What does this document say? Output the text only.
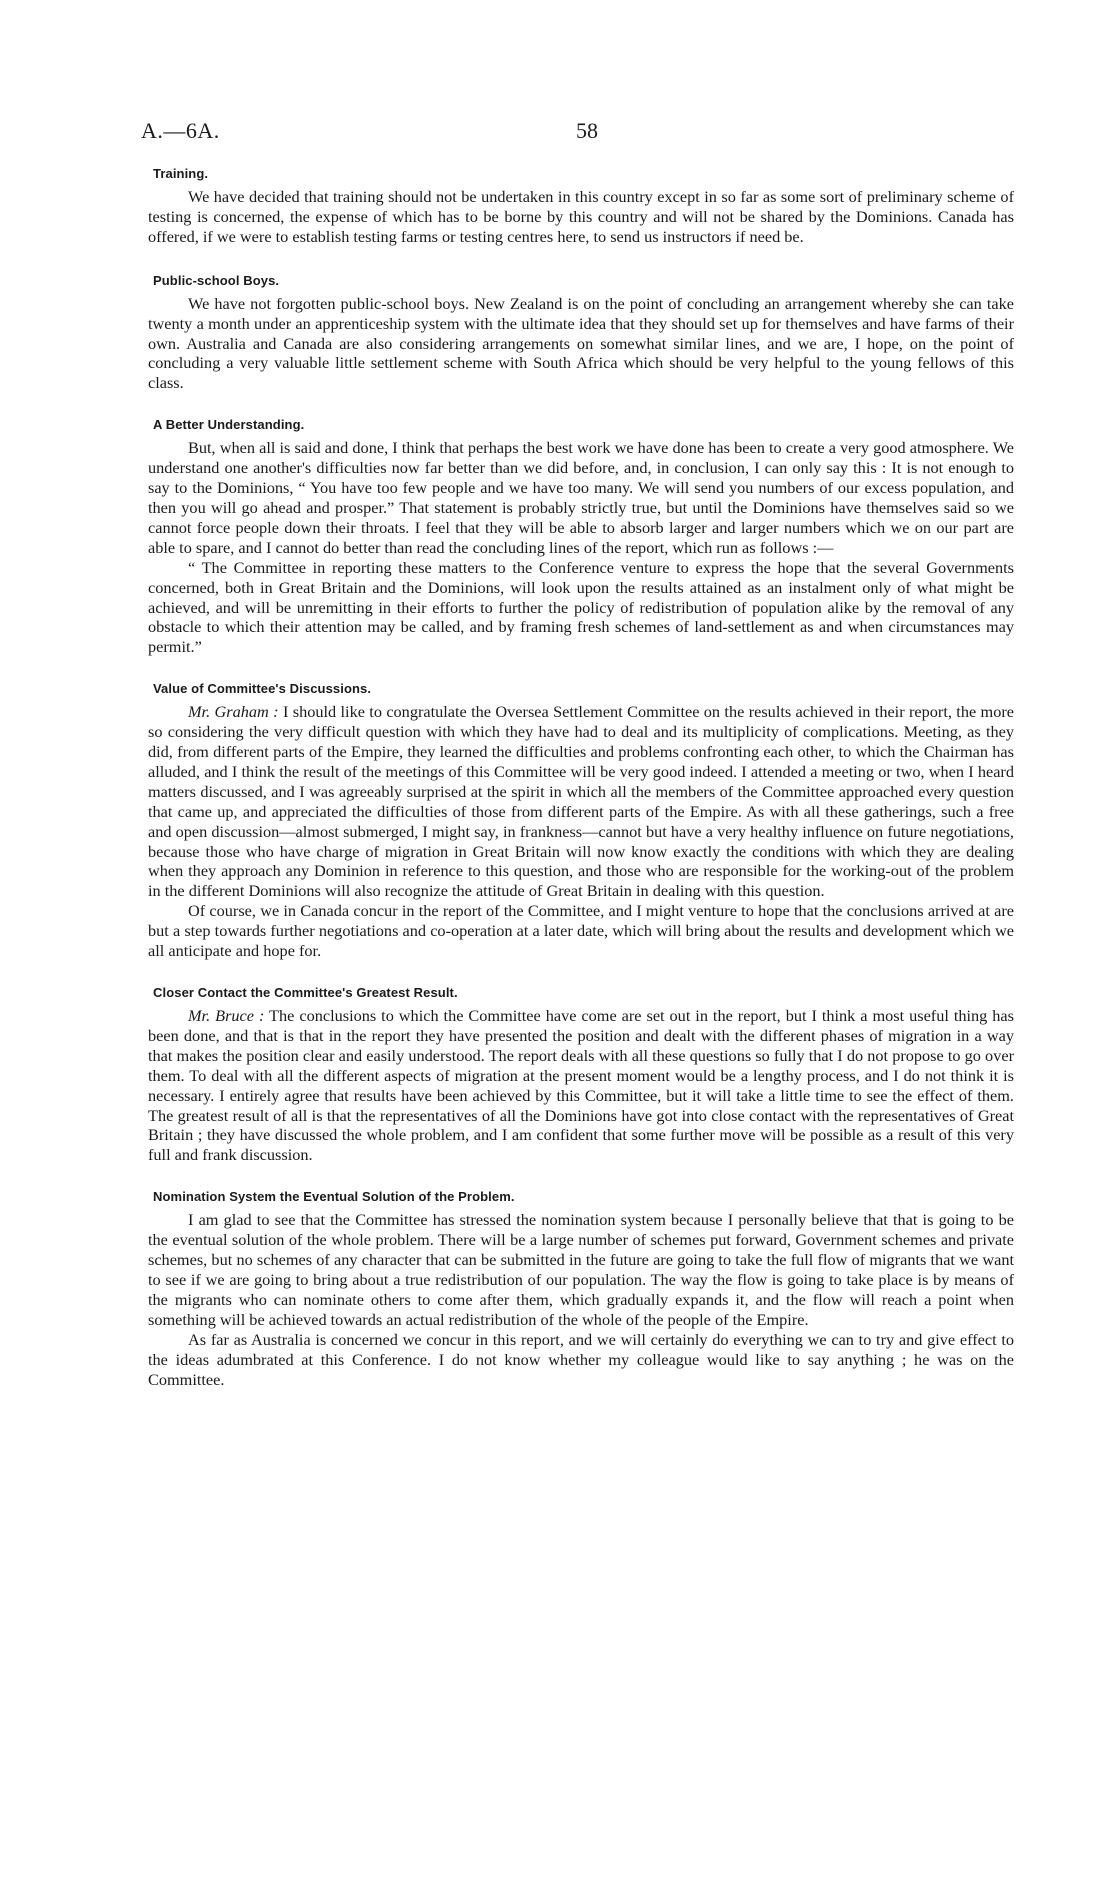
A.—6A.	58
Training.

We have decided that training should not be undertaken in this country except in so far as some sort of preliminary scheme of testing is concerned, the expense of which has to be borne by this country and will not be shared by the Dominions. Canada has offered, if we were to establish testing farms or testing centres here, to send us instructors if need be.

Public-school Boys.

We have not forgotten public-school boys. New Zealand is on the point of concluding an arrangement whereby she can take twenty a month under an apprenticeship system with the ultimate idea that they should set up for themselves and have farms of their own. Australia and Canada are also considering arrangements on somewhat similar lines, and we are, I hope, on the point of concluding a very valuable little settlement scheme with South Africa which should be very helpful to the young fellows of this class.

A Better Understanding.

But, when all is said and done, I think that perhaps the best work we have done has been to create a very good atmosphere. We understand one another's difficulties now far better than we did before, and, in conclusion, I can only say this : It is not enough to say to the Dominions, “ You have too few people and we have too many. We will send you numbers of our excess population, and then you will go ahead and prosper.” That statement is probably strictly true, but until the Dominions have themselves said so we cannot force people down their throats. I feel that they will be able to absorb larger and larger numbers which we on our part are able to spare, and I cannot do better than read the concluding lines of the report, which run as follows :—

“ The Committee in reporting these matters to the Conference venture to express the hope that the several Governments concerned, both in Great Britain and the Dominions, will look upon the results attained as an instalment only of what might be achieved, and will be unremitting in their efforts to further the policy of redistribution of population alike by the removal of any obstacle to which their attention may be called, and by framing fresh schemes of land-settlement as and when circumstances may permit.”

Value of Committee's Discussions.

Mr. Graham : I should like to congratulate the Oversea Settlement Committee on the results achieved in their report, the more so considering the very difficult question with which they have had to deal and its multiplicity of complications. Meeting, as they did, from different parts of the Empire, they learned the difficulties and problems confronting each other, to which the Chairman has alluded, and I think the result of the meetings of this Committee will be very good indeed. I attended a meeting or two, when I heard matters discussed, and I was agreeably surprised at the spirit in which all the members of the Committee approached every question that came up, and appreciated the difficulties of those from different parts of the Empire. As with all these gatherings, such a free and open discussion—almost submerged, I might say, in frankness—cannot but have a very healthy influence on future negotiations, because those who have charge of migration in Great Britain will now know exactly the conditions with which they are dealing when they approach any Dominion in reference to this question, and those who are responsible for the working-out of the problem in the different Dominions will also recognize the attitude of Great Britain in dealing with this question.

Of course, we in Canada concur in the report of the Committee, and I might venture to hope that the conclusions arrived at are but a step towards further negotiations and co-operation at a later date, which will bring about the results and development which we all anticipate and hope for.

Closer Contact the Committee's Greatest Result.

Mr. Bruce : The conclusions to which the Committee have come are set out in the report, but I think a most useful thing has been done, and that is that in the report they have presented the position and dealt with the different phases of migration in a way that makes the position clear and easily understood. The report deals with all these questions so fully that I do not propose to go over them. To deal with all the different aspects of migration at the present moment would be a lengthy process, and I do not think it is necessary. I entirely agree that results have been achieved by this Committee, but it will take a little time to see the effect of them. The greatest result of all is that the representatives of all the Dominions have got into close contact with the representatives of Great Britain ; they have discussed the whole problem, and I am confident that some further move will be possible as a result of this very full and frank discussion.

Nomination System the Eventual Solution of the Problem.

I am glad to see that the Committee has stressed the nomination system because I personally believe that that is going to be the eventual solution of the whole problem. There will be a large number of schemes put forward, Government schemes and private schemes, but no schemes of any character that can be submitted in the future are going to take the full flow of migrants that we want to see if we are going to bring about a true redistribution of our population. The way the flow is going to take place is by means of the migrants who can nominate others to come after them, which gradually expands it, and the flow will reach a point when something will be achieved towards an actual redistribution of the whole of the people of the Empire.

As far as Australia is concerned we concur in this report, and we will certainly do everything we can to try and give effect to the ideas adumbrated at this Conference. I do not know whether my colleague would like to say anything ; he was on the Committee.
